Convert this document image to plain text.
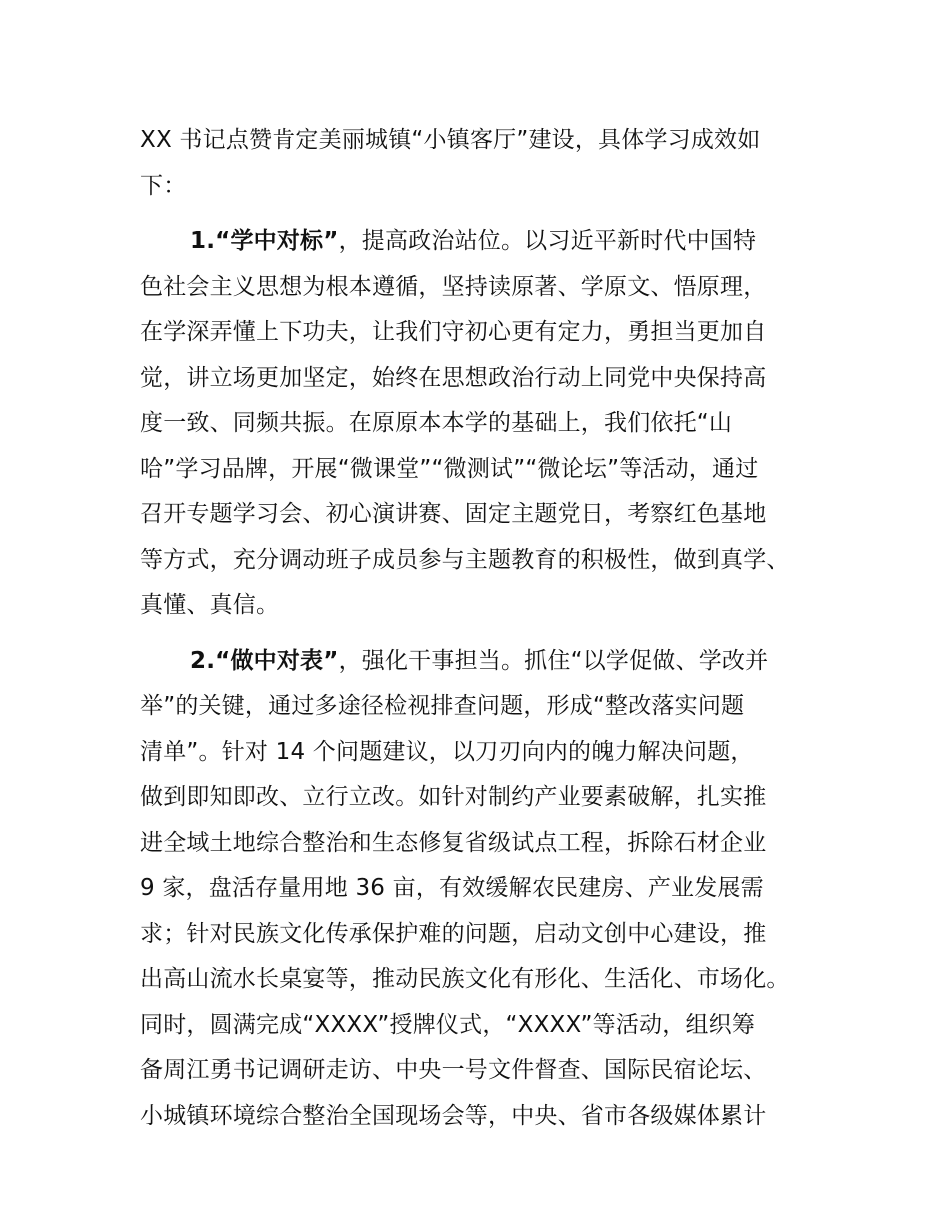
XX 书记点赞肯定美丽城镇“小镇客厅”建设，具体学习成效如
下：
1.“学中对标”，提高政治站位。以习近平新时代中国特
色社会主义思想为根本遵循，坚持读原著、学原文、悟原理，
在学深弄懂上下功夫，让我们守初心更有定力，勇担当更加自
觉，讲立场更加坚定，始终在思想政治行动上同党中央保持高
度一致、同频共振。在原原本本学的基础上，我们依托“山
哈”学习品牌，开展“微课堂”“微测试”“微论坛”等活动，通过
召开专题学习会、初心演讲赛、固定主题党日，考察红色基地
等方式，充分调动班子成员参与主题教育的积极性，做到真学、
真懂、真信。
2.“做中对表”，强化干事担当。抓住“以学促做、学改并
举”的关键，通过多途径检视排查问题，形成“整改落实问题
清单”。针对 14 个问题建议，以刀刃向内的魄力解决问题，
做到即知即改、立行立改。如针对制约产业要素破解，扎实推
进全域土地综合整治和生态修复省级试点工程，拆除石材企业
9 家，盘活存量用地 36 亩，有效缓解农民建房、产业发展需
求；针对民族文化传承保护难的问题，启动文创中心建设，推
出高山流水长桌宴等，推动民族文化有形化、生活化、市场化。
同时，圆满完成“XXXX”授牌仪式，“XXXX”等活动，组织筹
备周江勇书记调研走访、中央一号文件督查、国际民宿论坛、
小城镇环境综合整治全国现场会等，中央、省市各级媒体累计
